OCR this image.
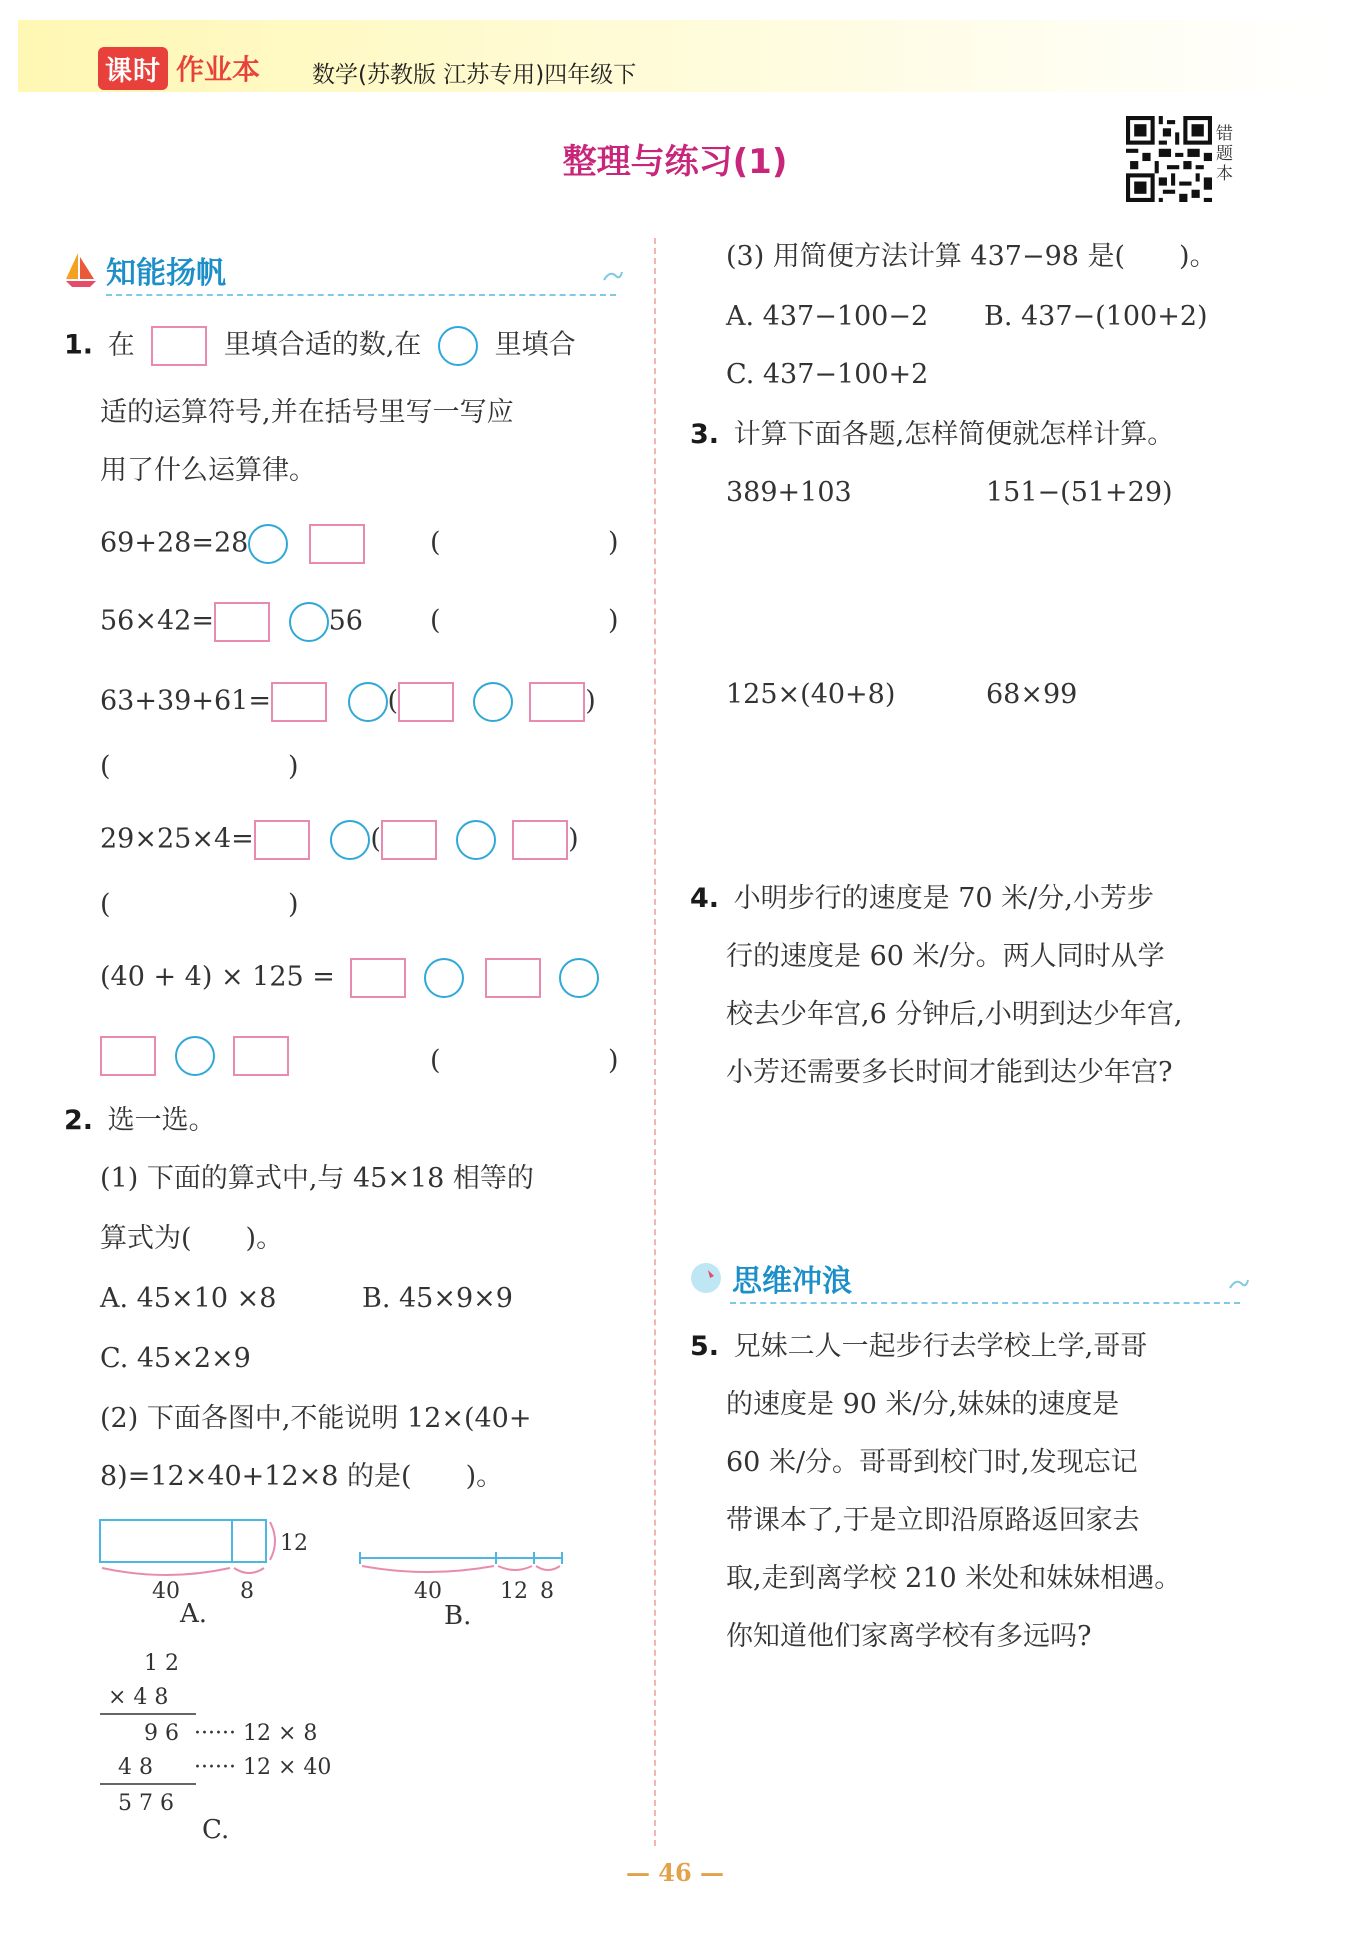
课时 作业本 数学(苏教版 江苏专用)四年级下
整理与练习(1)
错
题
本
知能扬帆
1. 在	里填合适的数,在	里填合
适的运算符号,并在括号里写一写应
用了什么运算律。
69+28=28	(	)
56×42=	56 (	)
63+39+61=	(	)
(	)
29×25×4=	(	)
(	)
(40 + 4) × 125 =

(	)
2. 选一选。
(1) 下面的算式中,与 45×18 相等的
算式为(　　)。
A. 45×10 ×8	B. 45×9×9
C. 45×2×9
(2) 下面各图中,不能说明 12×(40+
8)=12×40+12×8 的是(　　)。
12
40	8
A.
40	12 8
B.
1 2
× 4 8
9 6 ······ 12 × 8
4 8 ······ 12 × 40
5 7 6
C.
(3) 用简便方法计算 437−98 是(　　)。
A. 437−100−2 B. 437−(100+2)
C. 437−100+2
3. 计算下面各题,怎样简便就怎样计算。
389+103	151−(51+29)
125×(40+8)	68×99
4. 小明步行的速度是 70 米/分,小芳步
行的速度是 60 米/分。两人同时从学
校去少年宫,6 分钟后,小明到达少年宫,
小芳还需要多长时间才能到达少年宫?
思维冲浪
5. 兄妹二人一起步行去学校上学,哥哥
的速度是 90 米/分,妹妹的速度是
60 米/分。哥哥到校门时,发现忘记
带课本了,于是立即沿原路返回家去
取,走到离学校 210 米处和妹妹相遇。
你知道他们家离学校有多远吗?
— 46 —
